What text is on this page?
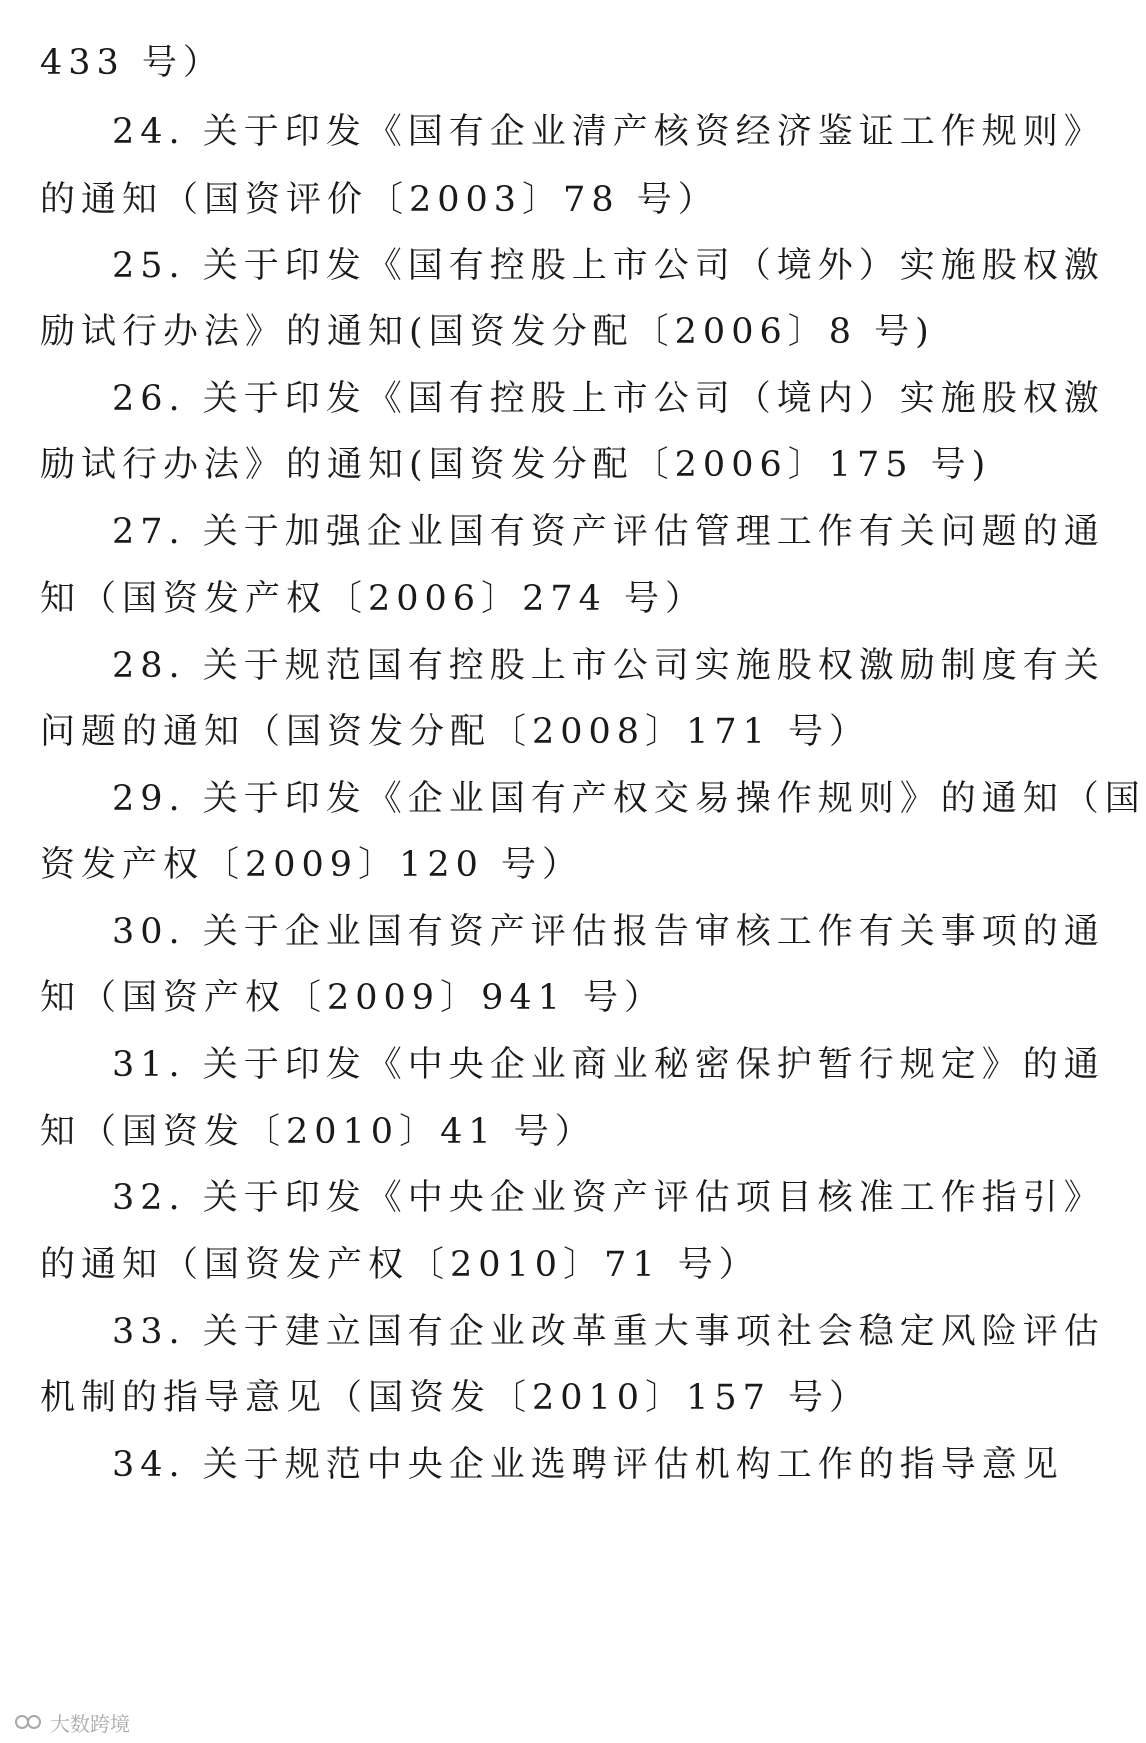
433 号）
24. 关于印发《国有企业清产核资经济鉴证工作规则》
的通知（国资评价〔2003〕78 号）
25. 关于印发《国有控股上市公司（境外）实施股权激
励试行办法》的通知(国资发分配〔2006〕8 号)
26. 关于印发《国有控股上市公司（境内）实施股权激
励试行办法》的通知(国资发分配〔2006〕175 号)
27. 关于加强企业国有资产评估管理工作有关问题的通
知（国资发产权〔2006〕274 号）
28. 关于规范国有控股上市公司实施股权激励制度有关
问题的通知（国资发分配〔2008〕171 号）
29. 关于印发《企业国有产权交易操作规则》的通知（国
资发产权〔2009〕120 号）
30. 关于企业国有资产评估报告审核工作有关事项的通
知（国资产权〔2009〕941 号）
31. 关于印发《中央企业商业秘密保护暂行规定》的通
知（国资发〔2010〕41 号）
32. 关于印发《中央企业资产评估项目核准工作指引》
的通知（国资发产权〔2010〕71 号）
33. 关于建立国有企业改革重大事项社会稳定风险评估
机制的指导意见（国资发〔2010〕157 号）
34. 关于规范中央企业选聘评估机构工作的指导意见
大数跨境
